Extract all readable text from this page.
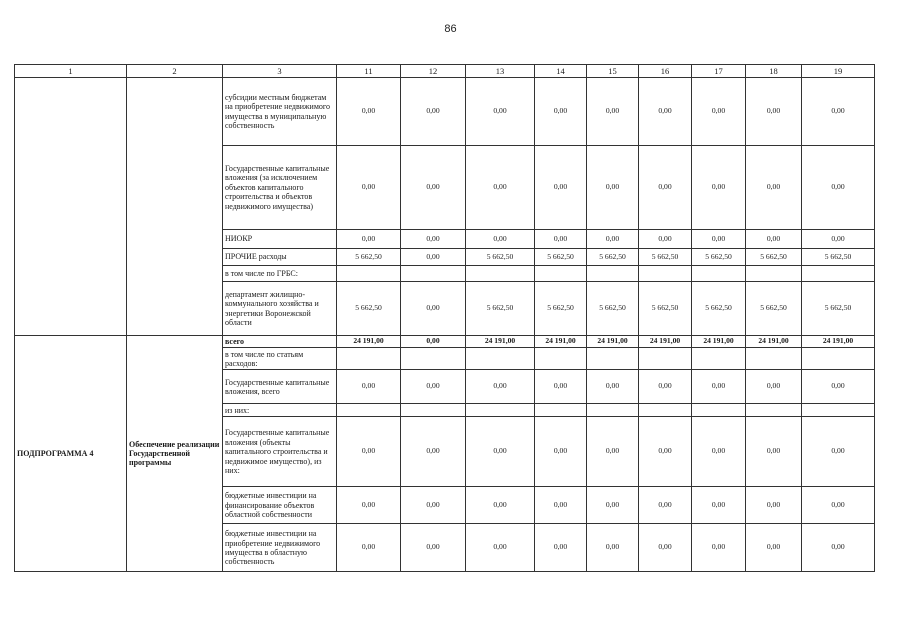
86
1	2	3	11	12	13	14	15	16	17	18	19
		субсидии местным бюджетам на приобретение недвижимого имущества в муниципальную собственность	0,00	0,00	0,00	0,00	0,00	0,00	0,00	0,00	0,00
		Государственные капитальные вложения (за исключением объектов капитального строительства и объектов недвижимого имущества)	0,00	0,00	0,00	0,00	0,00	0,00	0,00	0,00	0,00
		НИОКР	0,00	0,00	0,00	0,00	0,00	0,00	0,00	0,00	0,00
		ПРОЧИЕ расходы	5 662,50	0,00	5 662,50	5 662,50	5 662,50	5 662,50	5 662,50	5 662,50	5 662,50
		в том числе по ГРБС:									
		департамент жилищно-коммунального хозяйства и энергетики Воронежской области	5 662,50	0,00	5 662,50	5 662,50	5 662,50	5 662,50	5 662,50	5 662,50	5 662,50
ПОДПРОГРАММА 4	Обеспечение реализации Государственной программы	всего	24 191,00	0,00	24 191,00	24 191,00	24 191,00	24 191,00	24 191,00	24 191,00	24 191,00
		в том числе по статьям расходов:									
		Государственные капитальные вложения, всего	0,00	0,00	0,00	0,00	0,00	0,00	0,00	0,00	0,00
		из них:									
		Государственные капитальные вложения (объекты капитального строительства и недвижимое имущество), из них:	0,00	0,00	0,00	0,00	0,00	0,00	0,00	0,00	0,00
		бюджетные инвестиции на финансирование объектов областной собственности	0,00	0,00	0,00	0,00	0,00	0,00	0,00	0,00	0,00
		бюджетные инвестиции на приобретение недвижимого имущества в областную собственность	0,00	0,00	0,00	0,00	0,00	0,00	0,00	0,00	0,00
